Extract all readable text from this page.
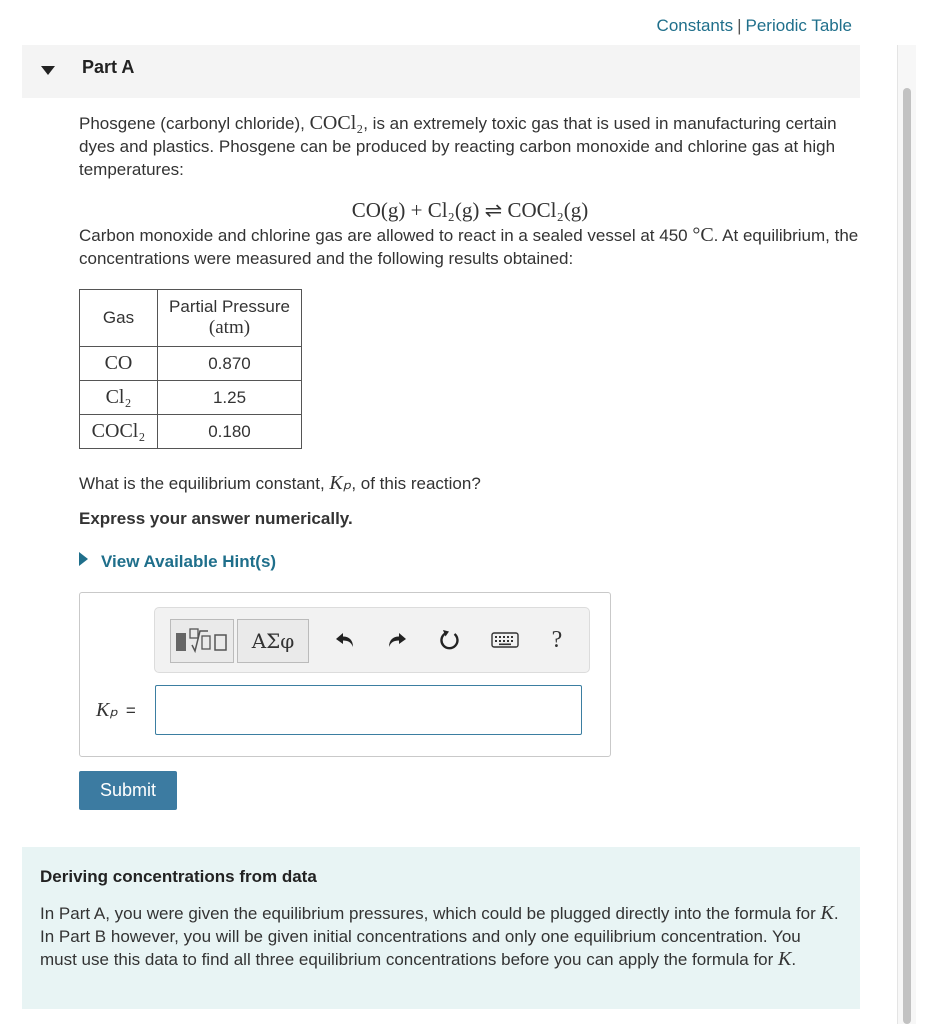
Constants | Periodic Table
Part A
Phosgene (carbonyl chloride), COCl₂, is an extremely toxic gas that is used in manufacturing certain dyes and plastics. Phosgene can be produced by reacting carbon monoxide and chlorine gas at high temperatures:
CO(g) + Cl₂(g) ⇌ COCl₂(g)
Carbon monoxide and chlorine gas are allowed to react in a sealed vessel at 450 °C. At equilibrium, the concentrations were measured and the following results obtained:
Gas	Partial Pressure
(atm)

CO	0.870
Cl₂	1.25
COCl₂	0.180
What is the equilibrium constant, Kₚ, of this reaction?
Express your answer numerically.
View Available Hint(s)
ΑΣφ	?
Kₚ =
Submit
Deriving concentrations from data
In Part A, you were given the equilibrium pressures, which could be plugged directly into the formula for K. In Part B however, you will be given initial concentrations and only one equilibrium concentration. You must use this data to find all three equilibrium concentrations before you can apply the formula for K.
